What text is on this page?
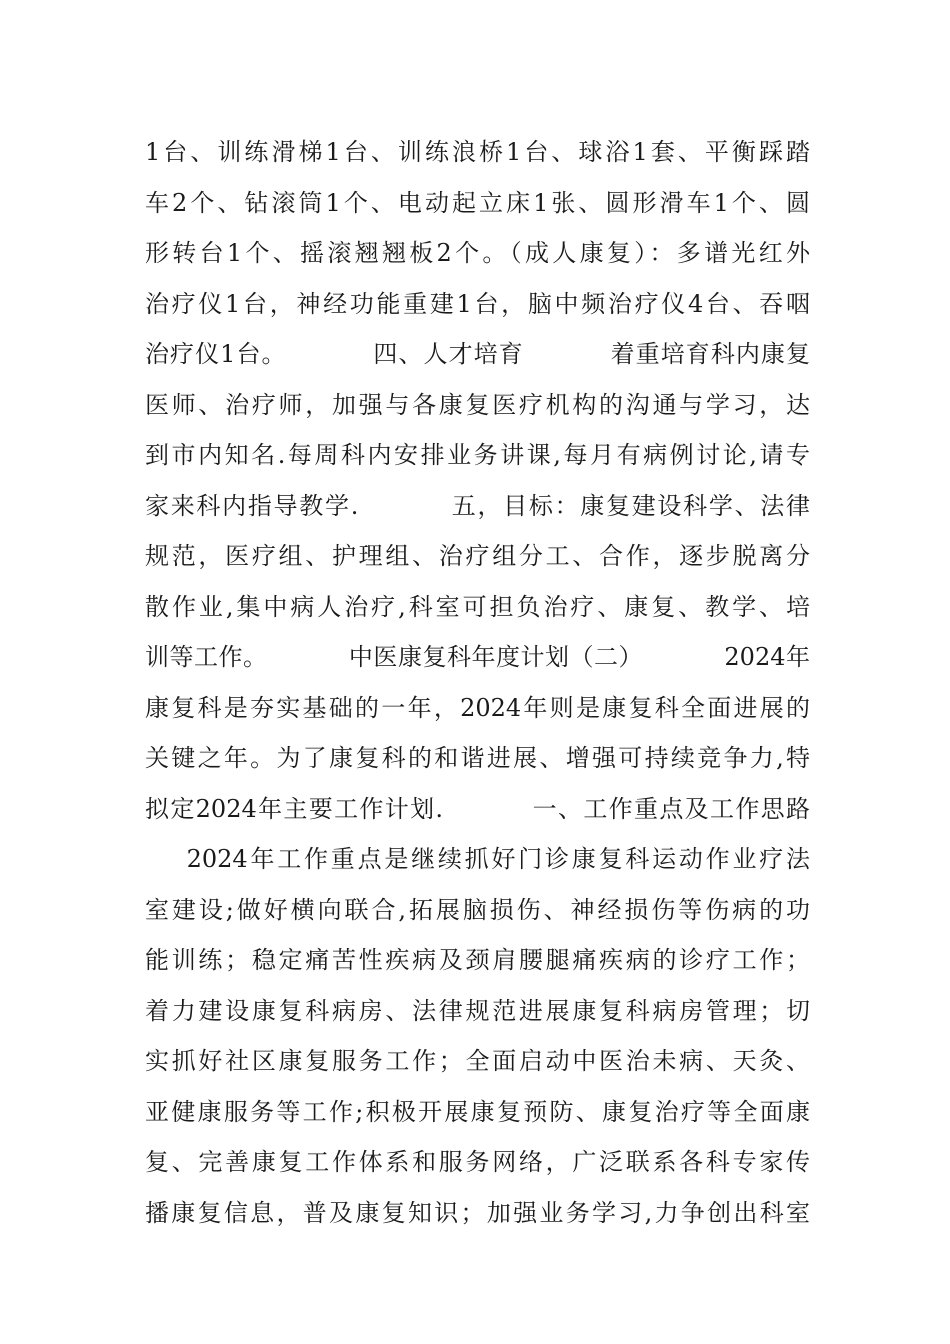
1台、训练滑梯1台、训练浪桥1台、球浴1套、平衡踩踏
车2个、钻滚筒1个、电动起立床1张、圆形滑车1个、圆
形转台1个、摇滚翘翘板2个。（成人康复）：多谱光红外
治疗仪1台，神经功能重建1台，脑中频治疗仪4台、吞咽
治疗仪1台。          四、人才培育          着重培育科内康复
医师、治疗师，加强与各康复医疗机构的沟通与学习，达
到市内知名.每周科内安排业务讲课,每月有病例讨论,请专
家来科内指导教学.          五，目标：康复建设科学、法律
规范，医疗组、护理组、治疗组分工、合作，逐步脱离分
散作业,集中病人治疗,科室可担负治疗、康复、教学、培
训等工作。          中医康复科年度计划（二）          2024年
康复科是夯实基础的一年，2024年则是康复科全面进展的
关键之年。为了康复科的和谐进展、增强可持续竞争力,特
拟定2024年主要工作计划.          一、工作重点及工作思路
2024年工作重点是继续抓好门诊康复科运动作业疗法
室建设;做好横向联合,拓展脑损伤、神经损伤等伤病的功
能训练；稳定痛苦性疾病及颈肩腰腿痛疾病的诊疗工作；
着力建设康复科病房、法律规范进展康复科病房管理；切
实抓好社区康复服务工作；全面启动中医治未病、天灸、
亚健康服务等工作;积极开展康复预防、康复治疗等全面康
复、完善康复工作体系和服务网络，广泛联系各科专家传
播康复信息，普及康复知识；加强业务学习,力争创出科室
